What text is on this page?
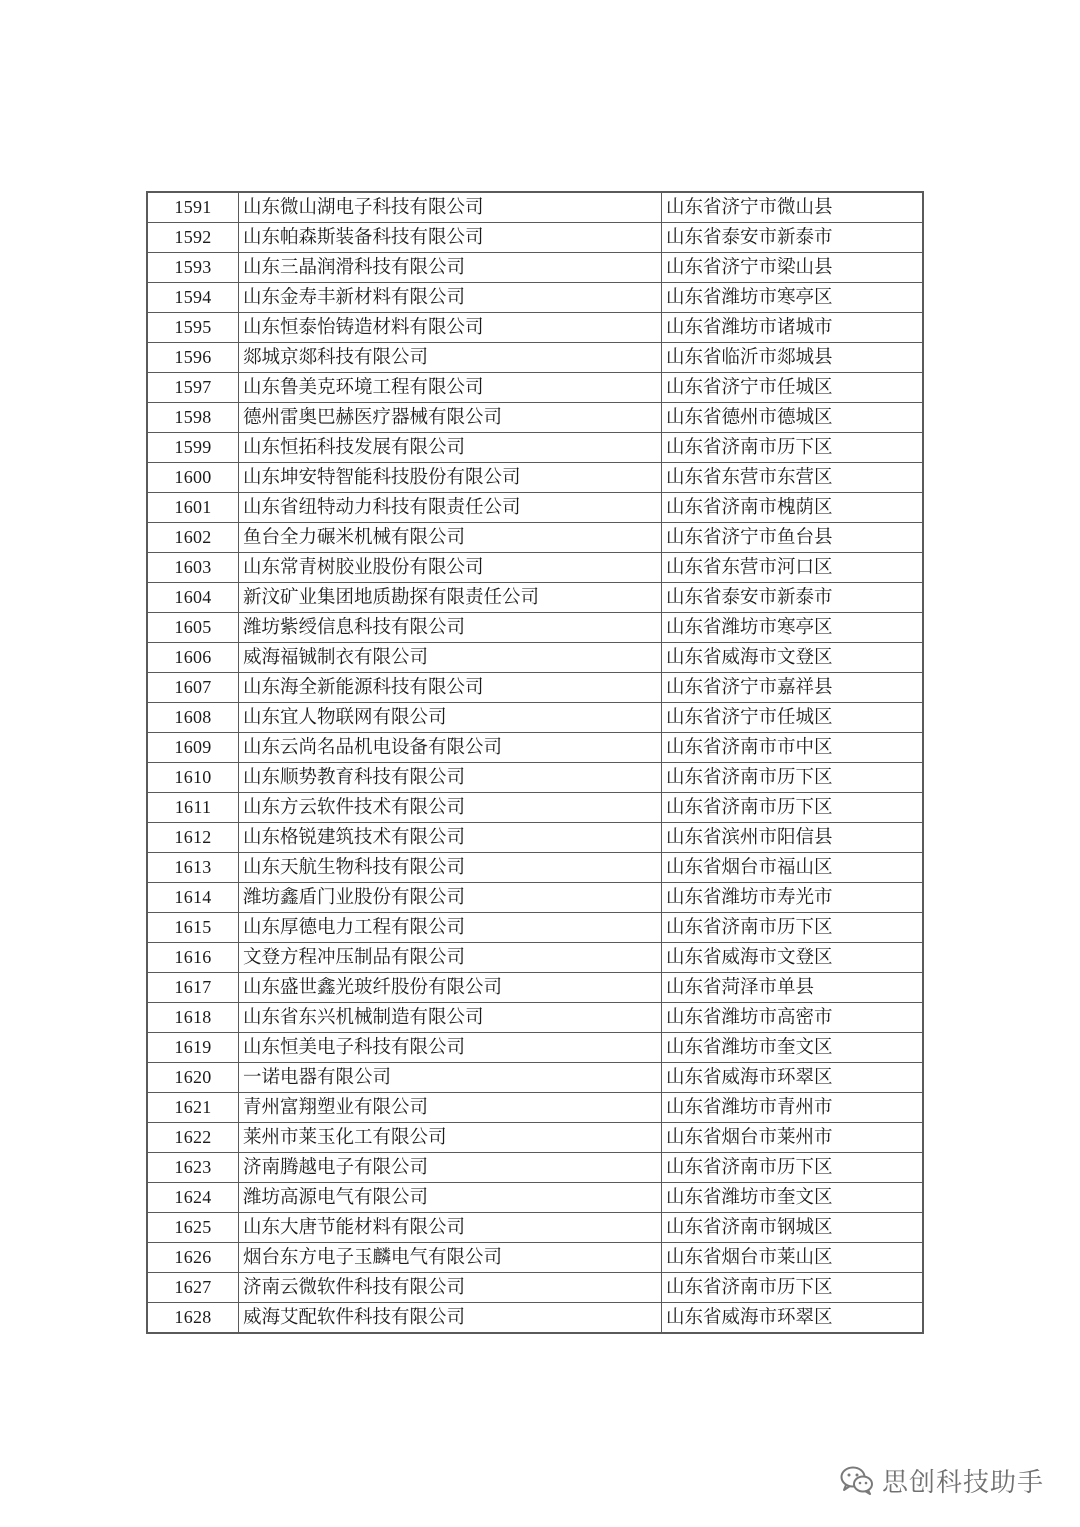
1591	山东微山湖电子科技有限公司	山东省济宁市微山县
1592	山东帕森斯装备科技有限公司	山东省泰安市新泰市
1593	山东三晶润滑科技有限公司	山东省济宁市梁山县
1594	山东金寿丰新材料有限公司	山东省潍坊市寒亭区
1595	山东恒泰怡铸造材料有限公司	山东省潍坊市诸城市
1596	郯城京郯科技有限公司	山东省临沂市郯城县
1597	山东鲁美克环境工程有限公司	山东省济宁市任城区
1598	德州雷奥巴赫医疗器械有限公司	山东省德州市德城区
1599	山东恒拓科技发展有限公司	山东省济南市历下区
1600	山东坤安特智能科技股份有限公司	山东省东营市东营区
1601	山东省纽特动力科技有限责任公司	山东省济南市槐荫区
1602	鱼台全力碾米机械有限公司	山东省济宁市鱼台县
1603	山东常青树胶业股份有限公司	山东省东营市河口区
1604	新汶矿业集团地质勘探有限责任公司	山东省泰安市新泰市
1605	潍坊紫绶信息科技有限公司	山东省潍坊市寒亭区
1606	威海福铖制衣有限公司	山东省威海市文登区
1607	山东海全新能源科技有限公司	山东省济宁市嘉祥县
1608	山东宜人物联网有限公司	山东省济宁市任城区
1609	山东云尚名品机电设备有限公司	山东省济南市市中区
1610	山东顺势教育科技有限公司	山东省济南市历下区
1611	山东方云软件技术有限公司	山东省济南市历下区
1612	山东格锐建筑技术有限公司	山东省滨州市阳信县
1613	山东天航生物科技有限公司	山东省烟台市福山区
1614	潍坊鑫盾门业股份有限公司	山东省潍坊市寿光市
1615	山东厚德电力工程有限公司	山东省济南市历下区
1616	文登方程冲压制品有限公司	山东省威海市文登区
1617	山东盛世鑫光玻纤股份有限公司	山东省菏泽市单县
1618	山东省东兴机械制造有限公司	山东省潍坊市高密市
1619	山东恒美电子科技有限公司	山东省潍坊市奎文区
1620	一诺电器有限公司	山东省威海市环翠区
1621	青州富翔塑业有限公司	山东省潍坊市青州市
1622	莱州市莱玉化工有限公司	山东省烟台市莱州市
1623	济南腾越电子有限公司	山东省济南市历下区
1624	潍坊高源电气有限公司	山东省潍坊市奎文区
1625	山东大唐节能材料有限公司	山东省济南市钢城区
1626	烟台东方电子玉麟电气有限公司	山东省烟台市莱山区
1627	济南云微软件科技有限公司	山东省济南市历下区
1628	威海艾配软件科技有限公司	山东省威海市环翠区
思创科技助手
